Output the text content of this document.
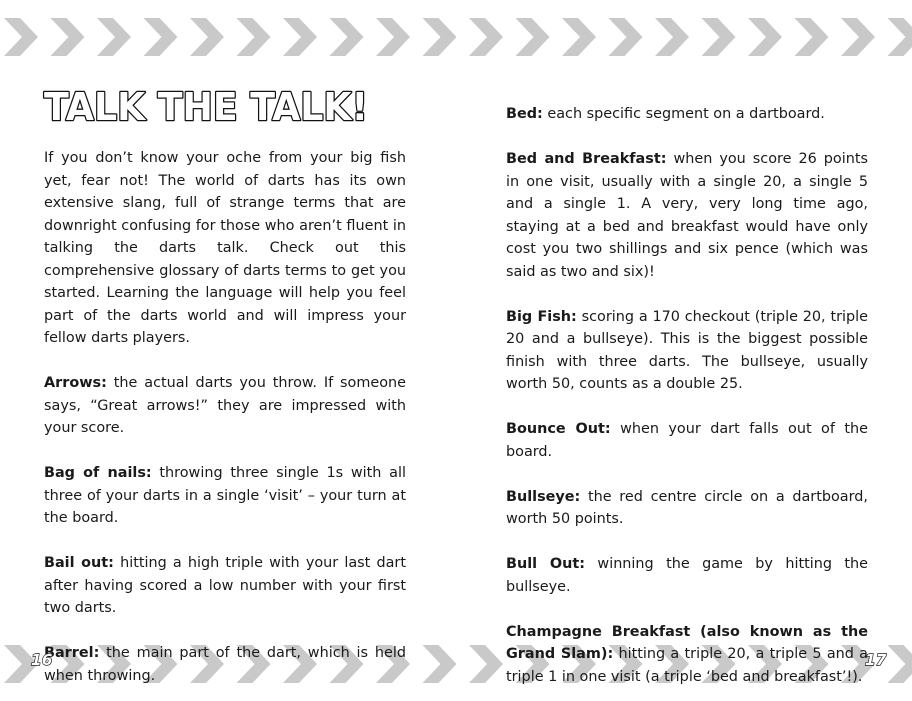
TALK THE TALK!

If you don’t know your oche from your big fish yet, fear not! The world of darts has its own extensive slang, full of strange terms that are downright confusing for those who aren’t fluent in talking the darts talk. Check out this comprehensive glossary of darts terms to get you started. Learning the language will help you feel part of the darts world and will impress your fellow darts players.

Arrows: the actual darts you throw. If someone says, “Great arrows!” they are impressed with your score.

Bag of nails: throwing three single 1s with all three of your darts in a single ‘visit’ – your turn at the board.

Bail out: hitting a high triple with your last dart after having scored a low number with your first two darts.

Barrel: the main part of the dart, which is held when throwing.

Bed: each specific segment on a dartboard.

Bed and Breakfast: when you score 26 points in one visit, usually with a single 20, a single 5 and a single 1. A very, very long time ago, staying at a bed and breakfast would have only cost you two shillings and six pence (which was said as two and six)!

Big Fish: scoring a 170 checkout (triple 20, triple 20 and a bullseye). This is the biggest possible finish with three darts. The bullseye, usually worth 50, counts as a double 25.

Bounce Out: when your dart falls out of the board.

Bullseye: the red centre circle on a dartboard, worth 50 points.

Bull Out: winning the game by hitting the bullseye.

Champagne Breakfast (also known as the Grand Slam): hitting a triple 20, a triple 5 and a triple 1 in one visit (a triple ‘bed and breakfast’!).

16	17
